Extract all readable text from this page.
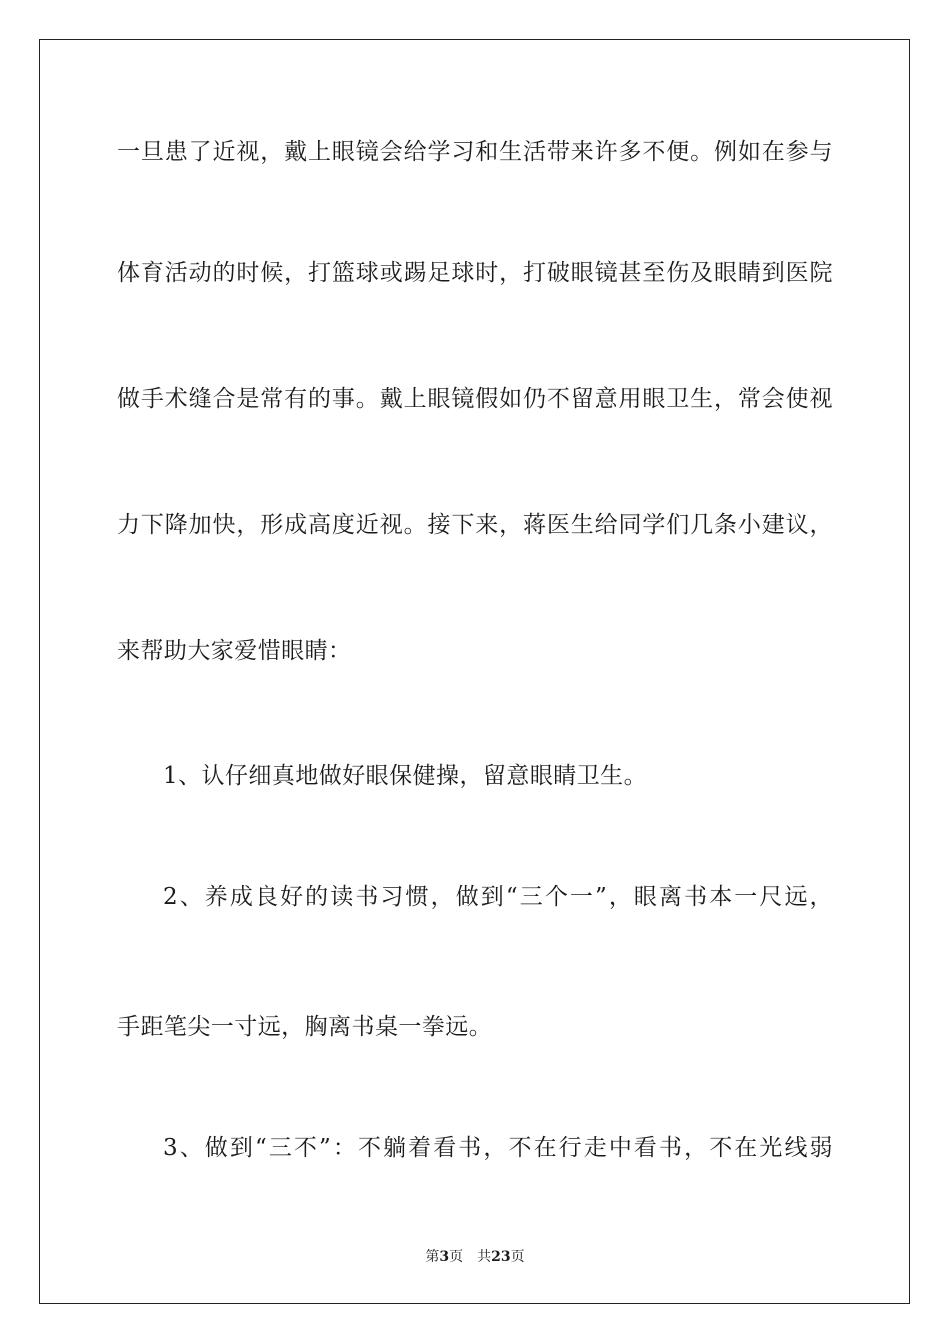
一旦患了近视，戴上眼镜会给学习和生活带来许多不便。例如在参与
体育活动的时候，打篮球或踢足球时，打破眼镜甚至伤及眼睛到医院
做手术缝合是常有的事。戴上眼镜假如仍不留意用眼卫生，常会使视
力下降加快，形成高度近视。接下来，蒋医生给同学们几条小建议，
来帮助大家爱惜眼睛：
1、认仔细真地做好眼保健操，留意眼睛卫生。
2、养成良好的读书习惯，做到“三个一”，眼离书本一尺远，
手距笔尖一寸远，胸离书桌一拳远。
3、做到“三不”：不躺着看书，不在行走中看书，不在光线弱
第3页 共23页
